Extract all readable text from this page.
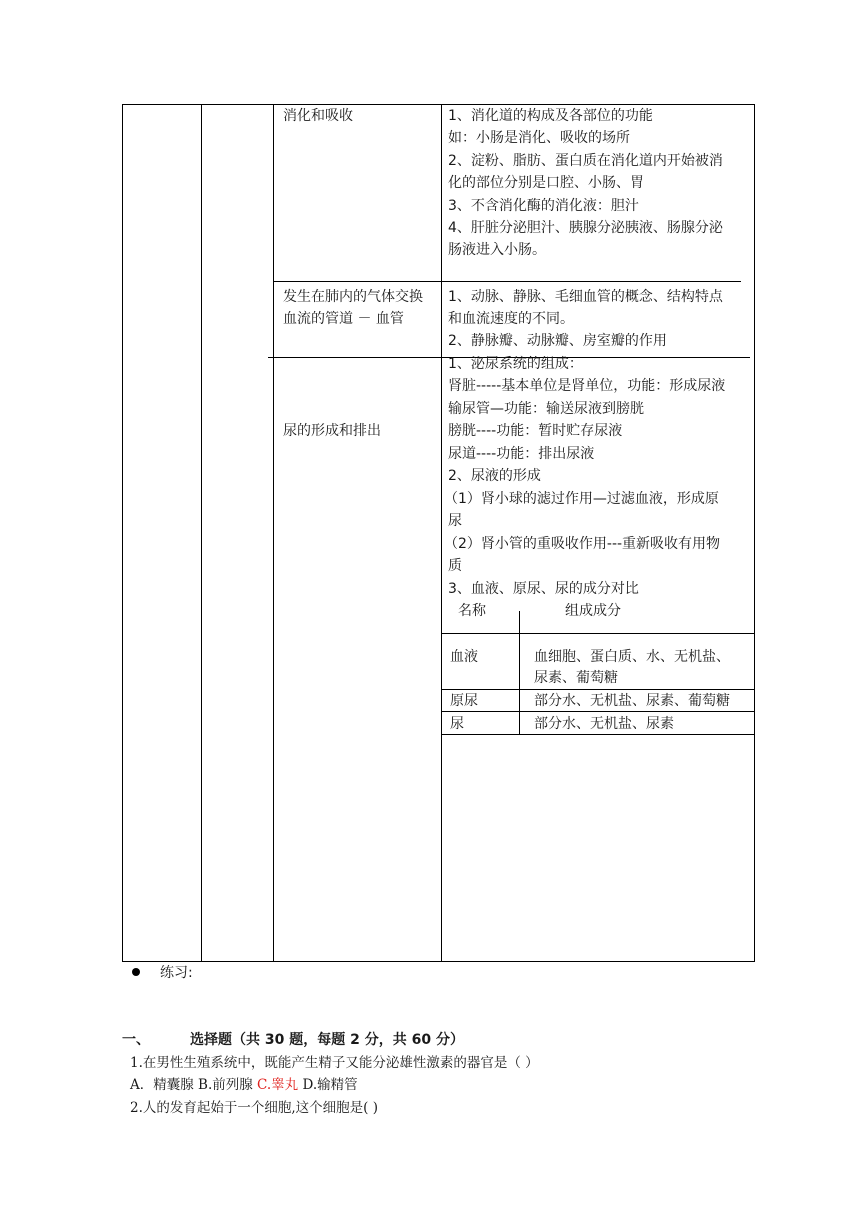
消化和吸收	1、消化道的构成及各部位的功能
如：小肠是消化、吸收的场所
2、淀粉、脂肪、蛋白质在消化道内开始被消
化的部位分别是口腔、小肠、胃
3、不含消化酶的消化液：胆汁
4、肝脏分泌胆汁、胰腺分泌胰液、肠腺分泌
肠液进入小肠。
发生在肺内的气体交换
血流的管道 － 血管
1、动脉、静脉、毛细血管的概念、结构特点
和血流速度的不同。
2、静脉瓣、动脉瓣、房室瓣的作用
尿的形成和排出
1、泌尿系统的组成：
肾脏-----基本单位是肾单位，功能：形成尿液
输尿管—功能：输送尿液到膀胱
膀胱----功能：暂时贮存尿液
尿道----功能：排出尿液
2、尿液的形成
（1）肾小球的滤过作用—过滤血液，形成原
尿
（2）肾小管的重吸收作用---重新吸收有用物
质
3、血液、原尿、尿的成分对比
名称	组成成分
血液	血细胞、蛋白质、水、无机盐、
尿素、葡萄糖
原尿	部分水、无机盐、尿素、葡萄糖
尿	部分水、无机盐、尿素
练习:
一、	选择题（共 30 题，每题 2 分，共 60 分）
1.在男性生殖系统中，既能产生精子又能分泌雄性激素的器官是（ ）
A．精囊腺 B.前列腺 C.睾丸 D.输精管
2.人的发育起始于一个细胞,这个细胞是( )
